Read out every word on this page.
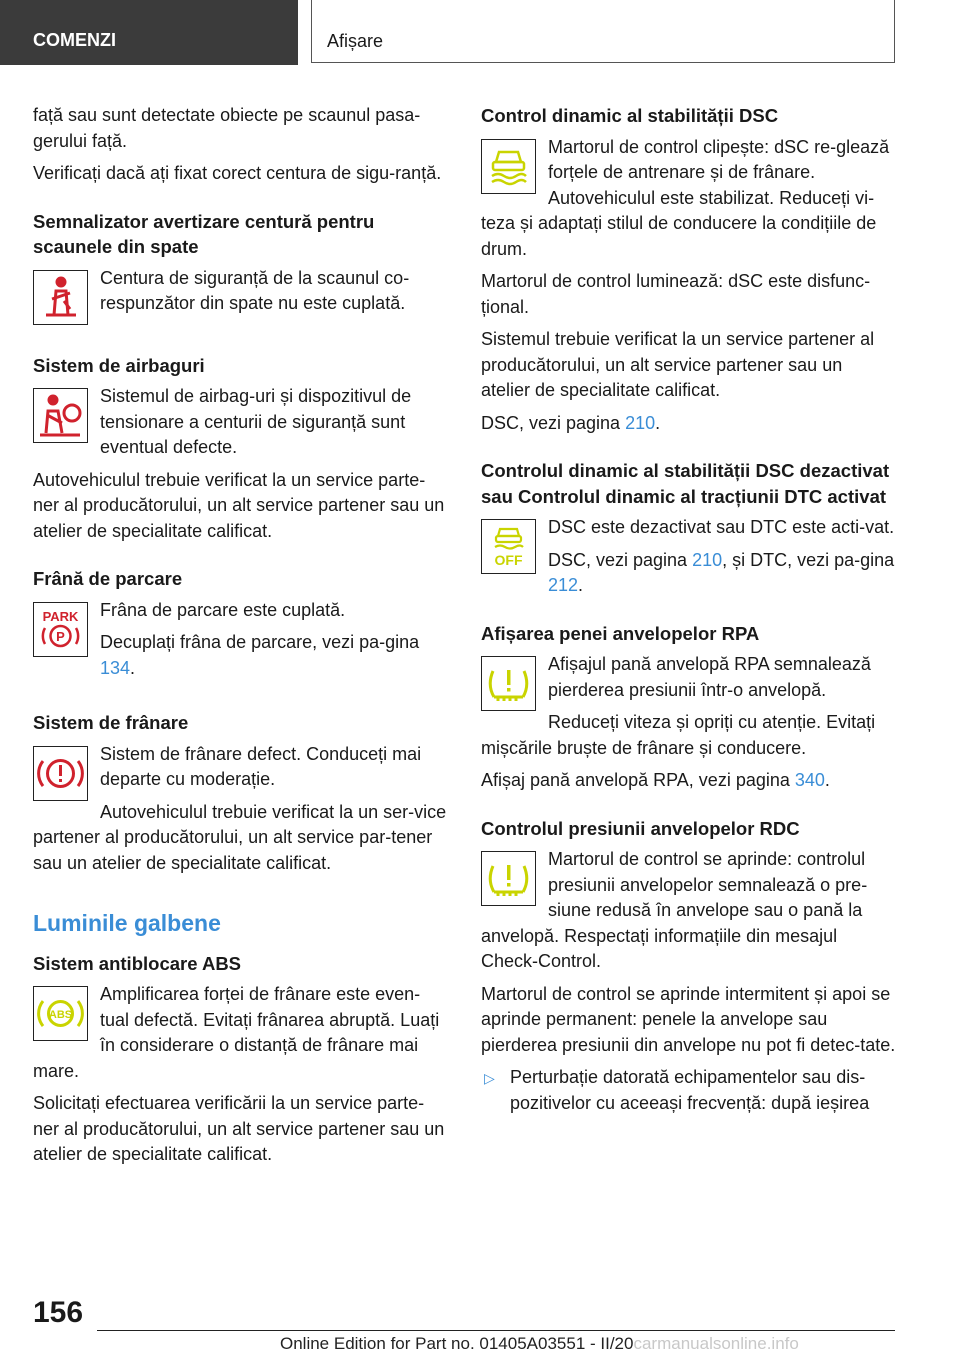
COMENZI	Afișare

față sau sunt detectate obiecte pe scaunul pasa-gerului față.

Verificați dacă ați fixat corect centura de sigu-ranță.

Semnalizator avertizare centură pentru scaunele din spate

Centura de siguranță de la scaunul co-respunzător din spate nu este cuplată.

Sistem de airbaguri

Sistemul de airbag-uri și dispozitivul de tensionare a centurii de siguranță sunt eventual defecte.

Autovehiculul trebuie verificat la un service parte-ner al producătorului, un alt service partener sau un atelier de specialitate calificat.

Frână de parcare
PARK
P

Frâna de parcare este cuplată.

Decuplați frâna de parcare, vezi pa-gina 134.

Sistem de frânare

Sistem de frânare defect. Conduceți mai departe cu moderație.

Autovehiculul trebuie verificat la un ser-vice partener al producătorului, un alt service par-tener sau un atelier de specialitate calificat.

Luminile galbene
Sistem antiblocare ABS
ABS

Amplificarea forței de frânare este even-tual defectă. Evitați frânarea abruptă. Luați în considerare o distanță de frânare mai mare.

Solicitați efectuarea verificării la un service parte-ner al producătorului, un alt service partener sau un atelier de specialitate calificat.

Control dinamic al stabilității DSC

Martorul de control clipește: dSC re-glează forțele de antrenare și de frânare. Autovehiculul este stabilizat. Reduceți vi-teza și adaptați stilul de conducere la condițiile de drum.

Martorul de control luminează: dSC este disfunc-țional.

Sistemul trebuie verificat la un service partener al producătorului, un alt service partener sau un atelier de specialitate calificat.

DSC, vezi pagina 210.

Controlul dinamic al stabilității DSC dezactivat sau Controlul dinamic al tracțiunii DTC activat
OFF

DSC este dezactivat sau DTC este acti-vat.

DSC, vezi pagina 210, și DTC, vezi pa-gina 212.

Afișarea penei anvelopelor RPA

Afișajul pană anvelopă RPA semnalează pierderea presiunii într-o anvelopă.

Reduceți viteza și opriți cu atenție. Evitați mișcările bruște de frânare și conducere.

Afișaj pană anvelopă RPA, vezi pagina 340.

Controlul presiunii anvelopelor RDC

Martorul de control se aprinde: controlul presiunii anvelopelor semnalează o pre-siune redusă în anvelope sau o pană la anvelopă. Respectați informațiile din mesajul Check-Control.

Martorul de control se aprinde intermitent și apoi se aprinde permanent: penele la anvelope sau pierderea presiunii din anvelope nu pot fi detec-tate.

▷ Perturbație datorată echipamentelor sau dis-pozitivelor cu aceeași frecvență: după ieșirea

156
Online Edition for Part no. 01405A03551 - II/20carmanualsonline.info
